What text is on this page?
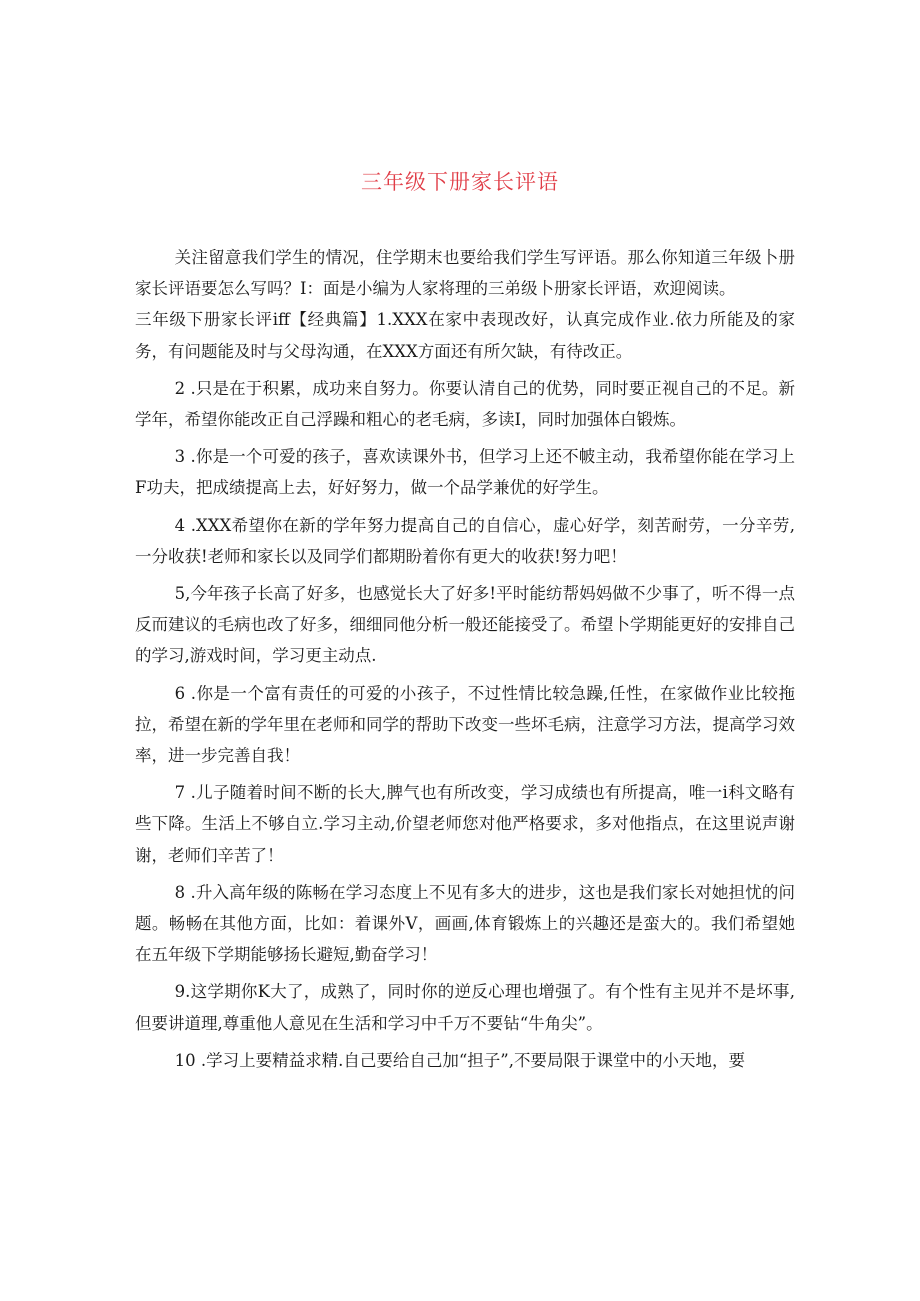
三年级下册家长评语

关注留意我们学生的情况，住学期末也要给我们学生写评语。那么你知道三年级卜册家长评语要怎么写吗？I：面是小编为人家将理的三弟级卜册家长评语，欢迎阅读。

三年级下册家长评iff【经典篇】1.XXX在家中表现改好，认真完成作业.依力所能及的家务，有问题能及时与父母沟通，在XXX方面还有所欠缺，有待改正。

2 .只是在于积累，成功来自努力。你要认清自己的优势，同时要正视自己的不足。新学年，希望你能改正自己浮躁和粗心的老毛病，多读I，同时加强体白锻炼。

3 .你是一个可爱的孩子，喜欢读课外书，但学习上还不帔主动，我希望你能在学习上F功夫，把成绩提高上去，好好努力，做一个品学兼优的好学生。

4 .XXX希望你在新的学年努力提高自己的自信心，虚心好学，刻苦耐劳，一分辛劳,一分收获!老师和家长以及同学们都期盼着你有更大的收获!努力吧！

5,今年孩子长高了好多，也感觉长大了好多!平时能纺帮妈妈做不少事了，听不得一点反而建议的毛病也改了好多，细细同他分析一般还能接受了。希望卜学期能更好的安排自己的学习,游戏时间，学习更主动点.

6 .你是一个富有责任的可爱的小孩子，不过性情比较急躁,任性，在家做作业比较拖拉，希望在新的学年里在老师和同学的帮助下改变一些坏毛病，注意学习方法，提高学习效率，进一步完善自我！

7 .儿子随着时间不断的长大,脾气也有所改变，学习成绩也有所提高，唯一i科文略有些下降。生活上不够自立.学习主动,价望老师您对他严格要求，多对他指点，在这里说声谢谢，老师们辛苦了！

8 .升入高年级的陈畅在学习态度上不见有多大的进步，这也是我们家长对她担忧的问题。畅畅在其他方面，比如：着课外V，画画,体育锻炼上的兴趣还是蛮大的。我们希望她在五年级下学期能够扬长避短,勤奋学习！

9.这学期你K大了，成熟了，同时你的逆反心理也增强了。有个性有主见并不是坏事,但要讲道理,尊重他人意见在生活和学习中千万不要钻“牛角尖”。

10 .学习上要精益求精.自己要给自己加“担子”,不要局限于课堂中的小天地，要
